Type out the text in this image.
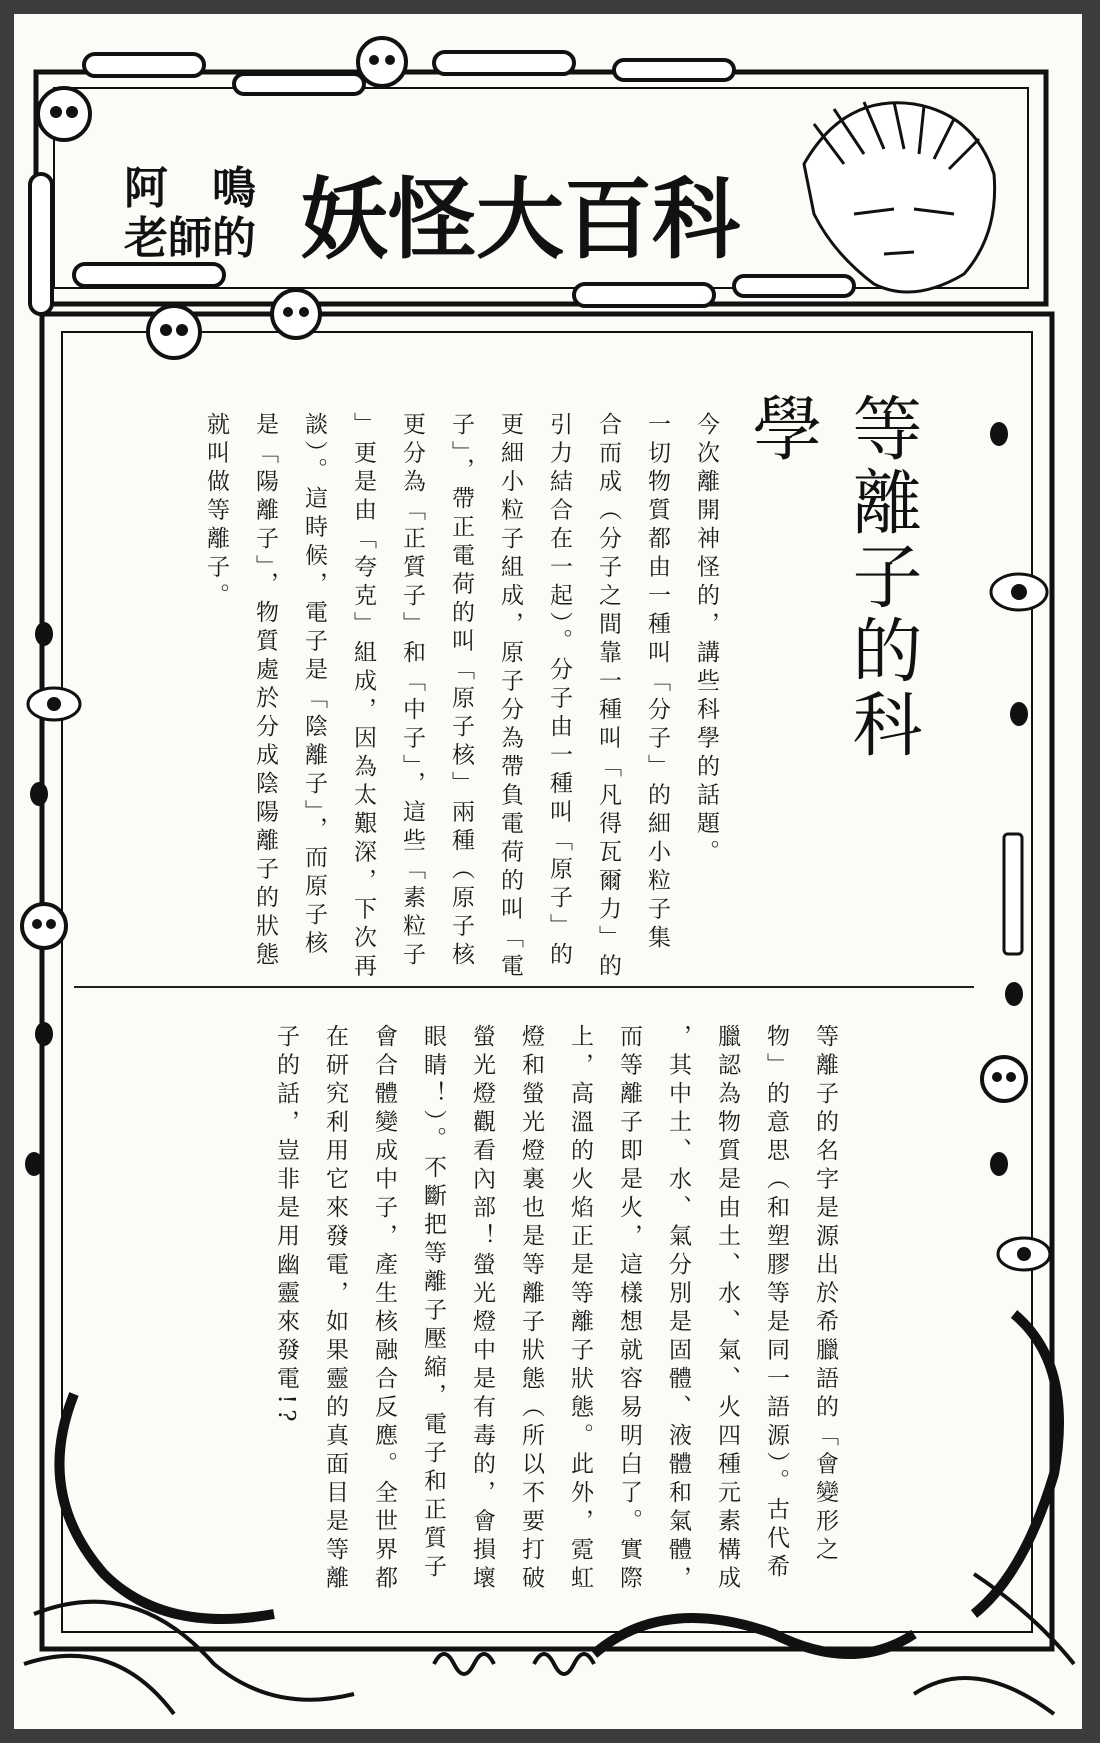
阿　鳴
老師的 妖怪大百科
等離子的科學

今次離開神怪的，講些科學的話題。

一切物質都由一種叫「分子」的細小粒子集

合而成（分子之間靠一種叫「凡得瓦爾力」的

引力結合在一起）。分子由一種叫「原子」的

更細小粒子組成，原子分為帶負電荷的叫「電

子」，帶正電荷的叫「原子核」兩種（原子核

更分為「正質子」和「中子」，這些「素粒子

」更是由「夸克」組成，因為太艱深，下次再

談）。這時候，電子是「陰離子」，而原子核

是「陽離子」，物質處於分成陰陽離子的狀態

就叫做等離子。

等離子的名字是源出於希臘語的「會變形之

物」的意思（和塑膠等是同一語源）。古代希

臘認為物質是由土、水、氣、火四種元素構成

，其中土、水、氣分別是固體、液體和氣體，

而等離子即是火，這樣想就容易明白了。實際

上，高溫的火焰正是等離子狀態。此外，霓虹

燈和螢光燈裏也是等離子狀態（所以不要打破

螢光燈觀看內部！螢光燈中是有毒的，會損壞

眼睛！）。不斷把等離子壓縮，電子和正質子

會合體變成中子，產生核融合反應。全世界都

在研究利用它來發電，如果靈的真面目是等離

子的話，豈非是用幽靈來發電!?
